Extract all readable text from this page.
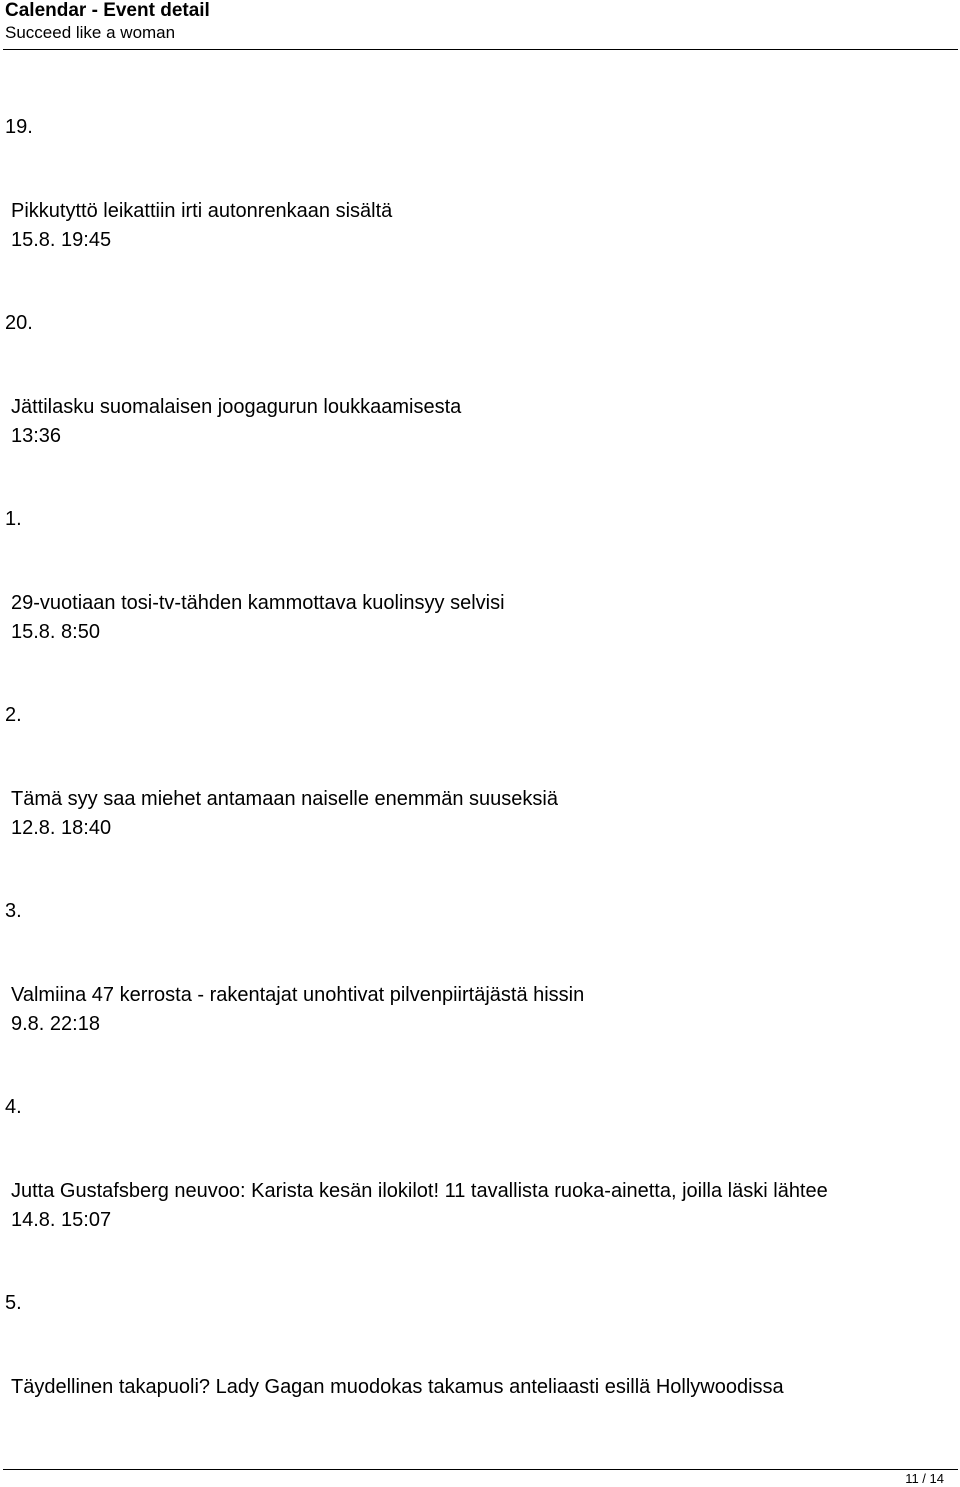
Calendar - Event detail
Succeed like a woman
19.
Pikkutyttö leikattiin irti autonrenkaan sisältä
15.8. 19:45
20.
Jättilasku suomalaisen joogagurun loukkaamisesta
13:36
1.
29-vuotiaan tosi-tv-tähden kammottava kuolinsyy selvisi
15.8. 8:50
2.
Tämä syy saa miehet antamaan naiselle enemmän suuseksiä
12.8. 18:40
3.
Valmiina 47 kerrosta - rakentajat unohtivat pilvenpiirtäjästä hissin
9.8. 22:18
4.
Jutta Gustafsberg neuvoo: Karista kesän ilokilot! 11 tavallista ruoka-ainetta, joilla läski lähtee
14.8. 15:07
5.
Täydellinen takapuoli? Lady Gagan muodokas takamus anteliaasti esillä Hollywoodissa
11 / 14
